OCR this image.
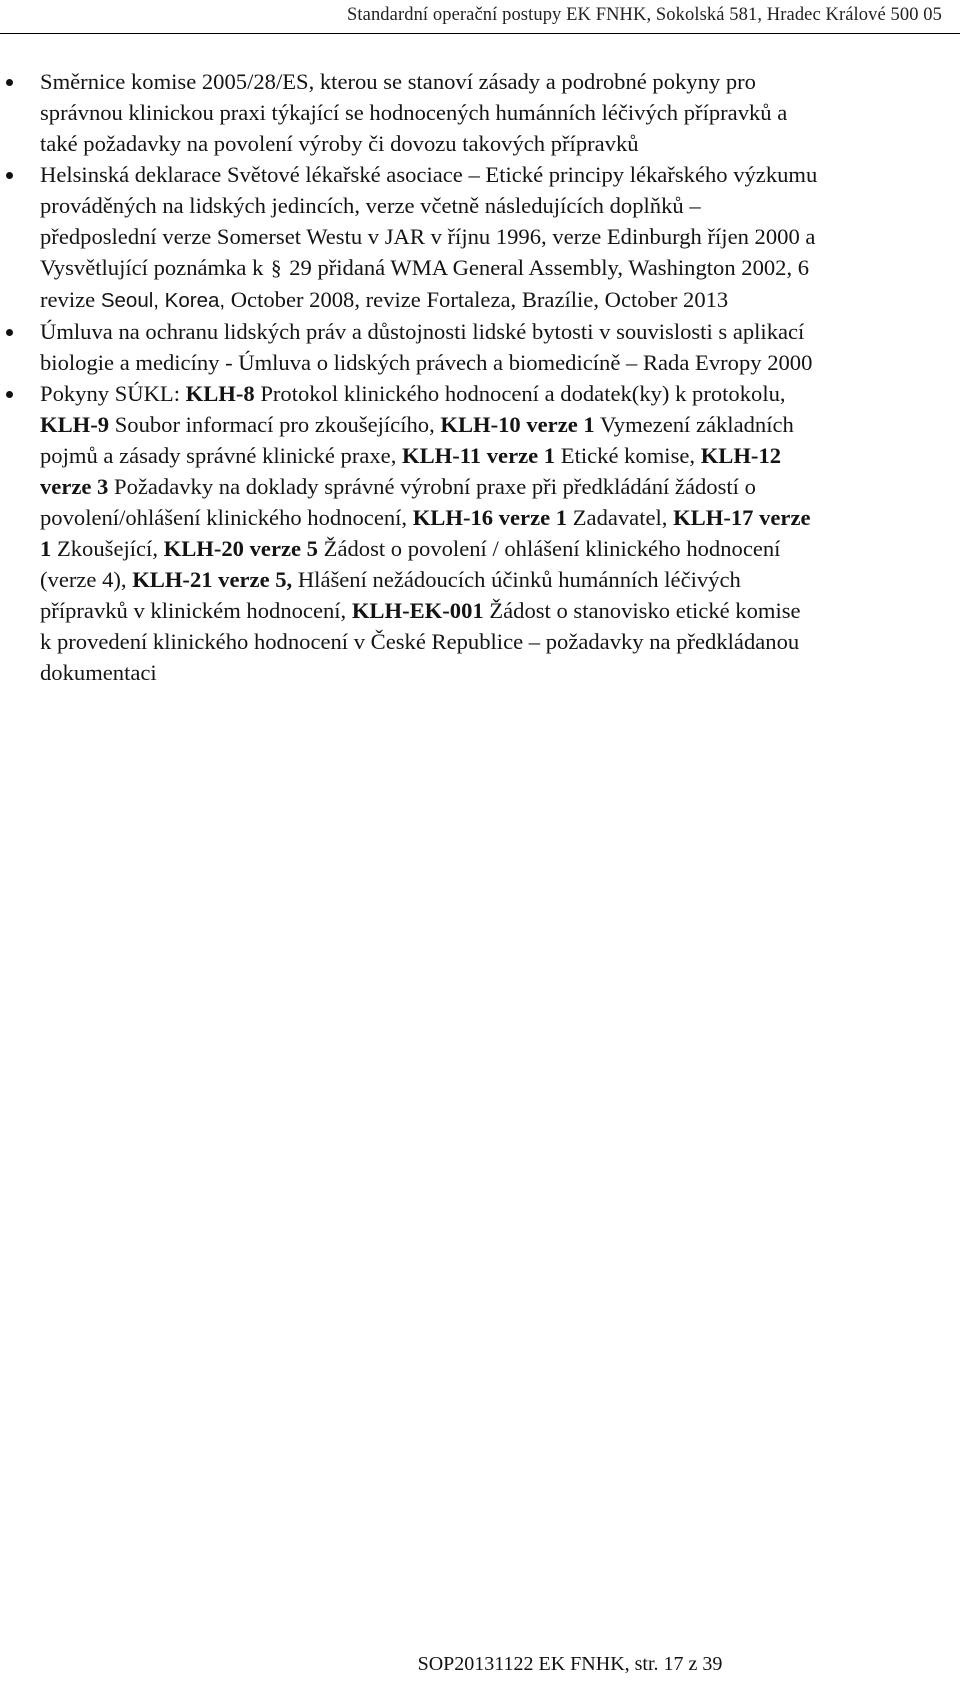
Standardní operační postupy EK FNHK, Sokolská 581, Hradec Králové 500 05
Směrnice komise 2005/28/ES, kterou se stanoví zásady a podrobné pokyny pro
správnou klinickou praxi týkající se hodnocených humánních léčivých přípravků a
také požadavky na povolení výroby či dovozu takových přípravků
Helsinská deklarace Světové lékařské asociace – Etické principy lékařského výzkumu
prováděných na lidských jedincích, verze včetně následujících doplňků –
předposlední verze Somerset Westu v JAR v říjnu 1996, verze Edinburgh říjen 2000 a
Vysvětlující poznámka k § 29 přidaná WMA General Assembly, Washington 2002, 6
revize Seoul, Korea, October 2008, revize Fortaleza, Brazílie, October 2013
Úmluva na ochranu lidských práv a důstojnosti lidské bytosti v souvislosti s aplikací
biologie a medicíny - Úmluva o lidských právech a biomedicíně – Rada Evropy 2000
Pokyny SÚKL: KLH-8 Protokol klinického hodnocení a dodatek(ky) k protokolu,
KLH-9 Soubor informací pro zkoušejícího, KLH-10 verze 1 Vymezení základních
pojmů a zásady správné klinické praxe, KLH-11 verze 1 Etické komise, KLH-12
verze 3 Požadavky na doklady správné výrobní praxe při předkládání žádostí o
povolení/ohlášení klinického hodnocení, KLH-16 verze 1 Zadavatel, KLH-17 verze
1 Zkoušející, KLH-20 verze 5 Žádost o povolení / ohlášení klinického hodnocení
(verze 4), KLH-21 verze 5, Hlášení nežádoucích účinků humánních léčivých
přípravků v klinickém hodnocení, KLH-EK-001 Žádost o stanovisko etické komise
k provedení klinického hodnocení v České Republice – požadavky na předkládanou
dokumentaci
SOP20131122 EK FNHK, str. 17 z 39
